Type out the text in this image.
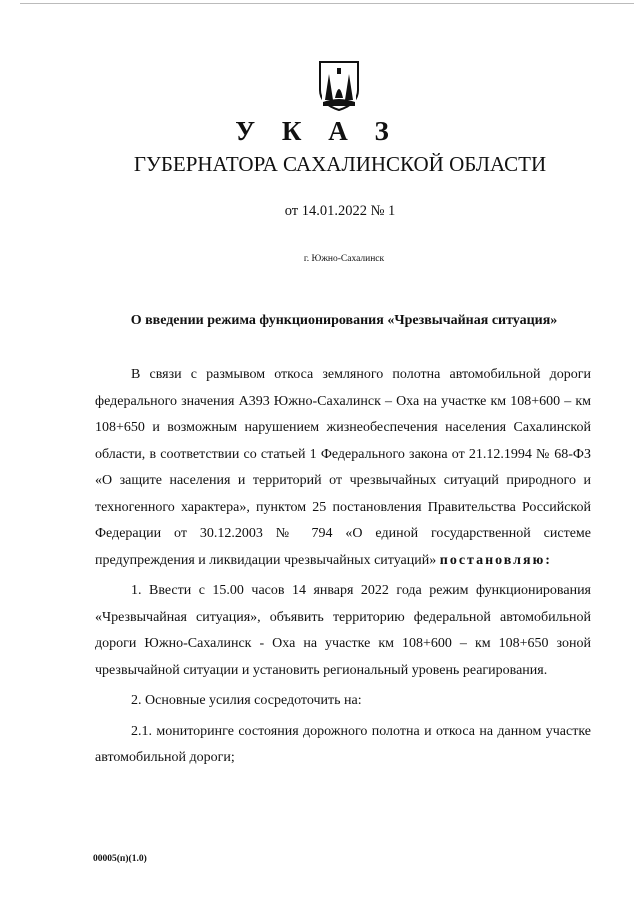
У К А З
ГУБЕРНАТОРА САХАЛИНСКОЙ ОБЛАСТИ
от 14.01.2022 № 1
г. Южно-Сахалинск
О введении режима функционирования «Чрезвычайная ситуация»

В связи с размывом откоса земляного полотна автомобильной дороги федерального значения А393 Южно-Сахалинск – Оха на участке км 108+600 – км 108+650 и возможным нарушением жизнеобеспечения населения Сахалинской области, в соответствии со статьей 1 Федерального закона от 21.12.1994 № 68-ФЗ «О защите населения и территорий от чрезвычайных ситуаций природного и техногенного характера», пунктом 25 постановления Правительства Российской Федерации от 30.12.2003 № 794 «О единой государственной системе предупреждения и ликвидации чрезвычайных ситуаций» постановляю:

1. Ввести с 15.00 часов 14 января 2022 года режим функционирования «Чрезвычайная ситуация», объявить территорию федеральной автомобильной дороги Южно-Сахалинск - Оха на участке км 108+600 – км 108+650 зоной чрезвычайной ситуации и установить региональный уровень реагирования.

2. Основные усилия сосредоточить на:

2.1. мониторинге состояния дорожного полотна и откоса на данном участке автомобильной дороги;

00005(п)(1.0)
